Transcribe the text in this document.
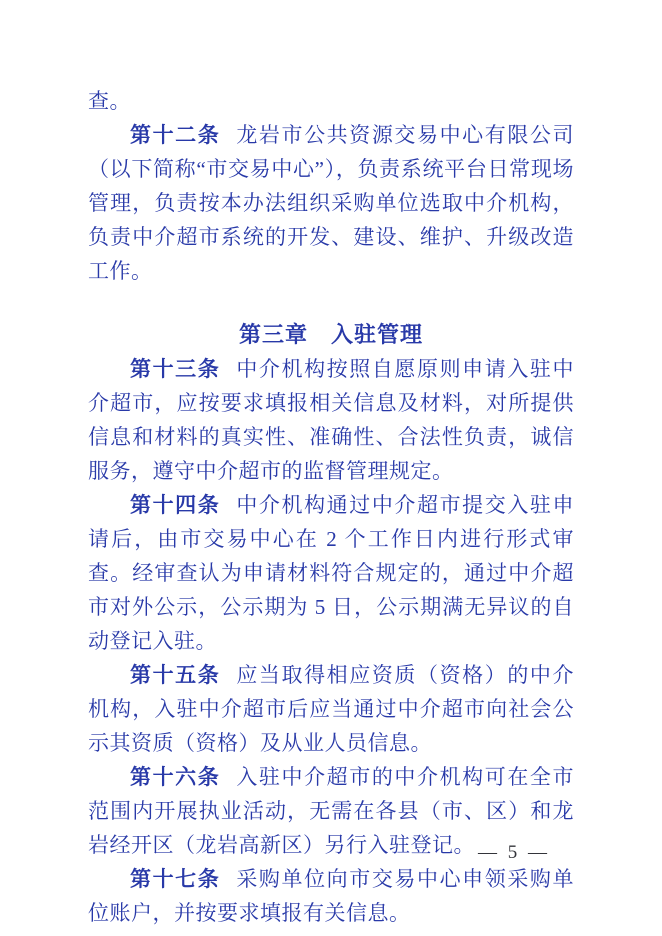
查。

第十二条 龙岩市公共资源交易中心有限公司（以下简称“市交易中心”），负责系统平台日常现场管理，负责按本办法组织采购单位选取中介机构，负责中介超市系统的开发、建设、维护、升级改造工作。

第三章　入驻管理

第十三条 中介机构按照自愿原则申请入驻中介超市，应按要求填报相关信息及材料，对所提供信息和材料的真实性、准确性、合法性负责，诚信服务，遵守中介超市的监督管理规定。

第十四条 中介机构通过中介超市提交入驻申请后，由市交易中心在 2 个工作日内进行形式审查。经审查认为申请材料符合规定的，通过中介超市对外公示，公示期为 5 日，公示期满无异议的自动登记入驻。

第十五条 应当取得相应资质（资格）的中介机构，入驻中介超市后应当通过中介超市向社会公示其资质（资格）及从业人员信息。

第十六条 入驻中介超市的中介机构可在全市范围内开展执业活动，无需在各县（市、区）和龙岩经开区（龙岩高新区）另行入驻登记。

第十七条 采购单位向市交易中心申领采购单位账户，并按要求填报有关信息。

— 5 —
